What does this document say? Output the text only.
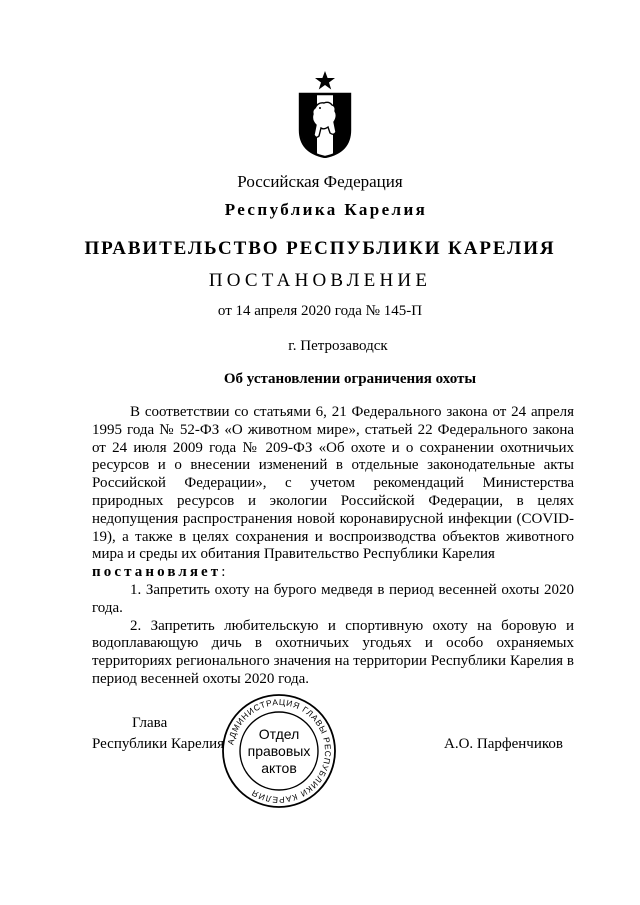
Российская Федерация
Республика Карелия
ПРАВИТЕЛЬСТВО РЕСПУБЛИКИ КАРЕЛИЯ
ПОСТАНОВЛЕНИЕ
от 14 апреля 2020 года № 145-П
г. Петрозаводск
Об установлении ограничения охоты

В соответствии со статьями 6, 21 Федерального закона от 24 апреля 1995 года № 52-ФЗ «О животном мире», статьей 22 Федерального закона от 24 июля 2009 года № 209-ФЗ «Об охоте и о сохранении охотничьих ресурсов и о внесении изменений в отдельные законодательные акты Российской Федерации», с учетом рекомендаций Министерства природных ресурсов и экологии Российской Федерации, в целях недопущения распространения новой коронавирусной инфекции (COVID-19), а также в целях сохранения и воспроизводства объектов животного мира и среды их обитания Правительство Республики Карелия

постановляет:

1. Запретить охоту на бурого медведя в период весенней охоты 2020 года.

2. Запретить любительскую и спортивную охоту на боровую и водоплавающую дичь в охотничьих угодьях и особо охраняемых территориях регионального значения на территории Республики Карелия в период весенней охоты 2020 года.

Глава
Республики Карелия	А.О. Парфенчиков
АДМИНИСТРАЦИЯ ГЛАВЫ РЕСПУБЛИКИ КАРЕЛИЯ
Отдел
правовых
актов
